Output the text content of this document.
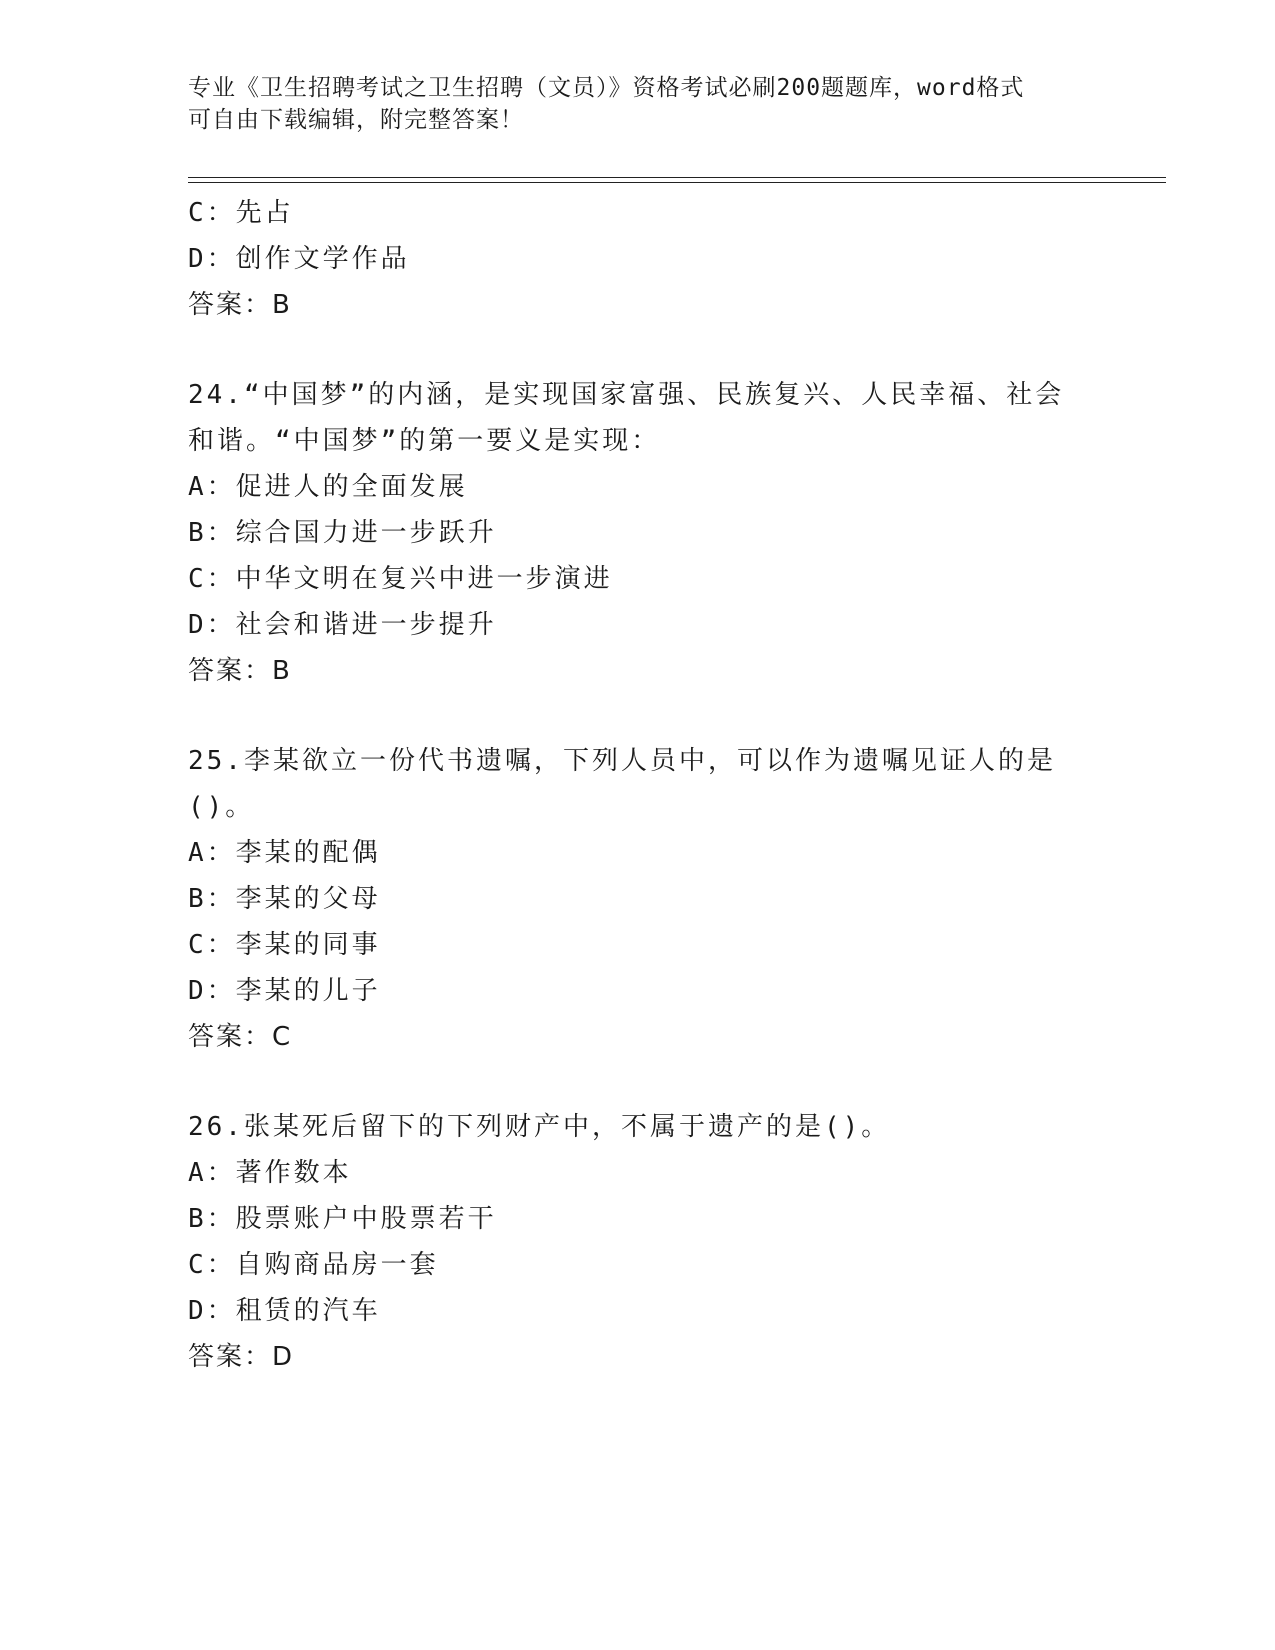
专业《卫生招聘考试之卫生招聘（文员）》资格考试必刷200题题库，word格式
可自由下载编辑，附完整答案！
C：先占
D：创作文学作品
答案：B
24.“中国梦”的内涵，是实现国家富强、民族复兴、人民幸福、社会和谐。“中国梦”的第一要义是实现：
A：促进人的全面发展
B：综合国力进一步跃升
C：中华文明在复兴中进一步演进
D：社会和谐进一步提升
答案：B
25.李某欲立一份代书遗嘱，下列人员中，可以作为遗嘱见证人的是()。
A：李某的配偶
B：李某的父母
C：李某的同事
D：李某的儿子
答案：C
26.张某死后留下的下列财产中，不属于遗产的是()。
A：著作数本
B：股票账户中股票若干
C：自购商品房一套
D：租赁的汽车
答案：D
